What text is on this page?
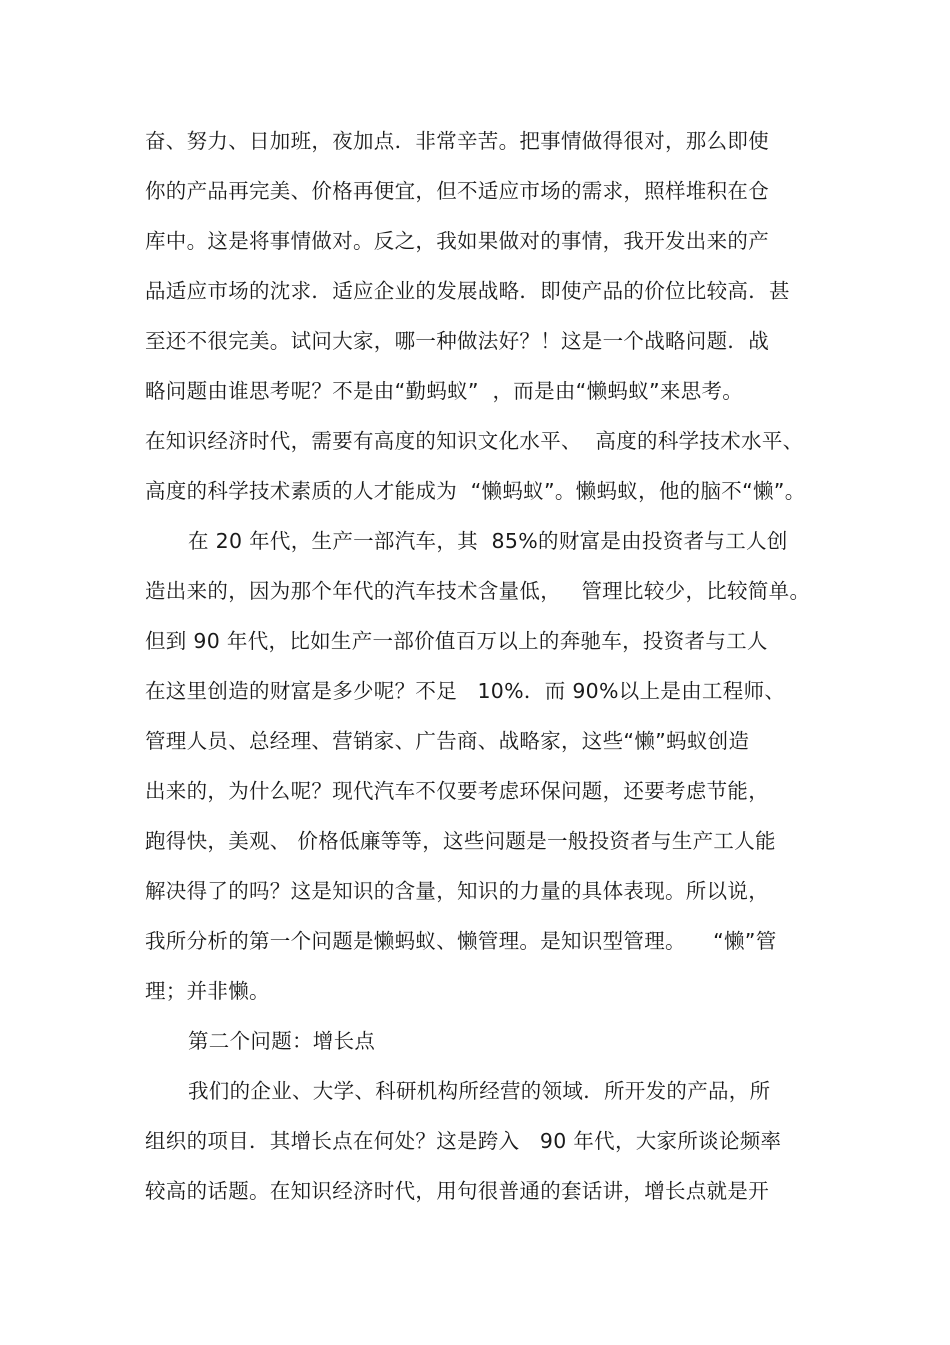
奋、努力、日加班，夜加点．非常辛苦。把事情做得很对，那么即使
你的产品再完美、价格再便宜，但不适应市场的需求，照样堆积在仓
库中。这是将事情做对。反之，我如果做对的事情，我开发出来的产
品适应市场的沈求．适应企业的发展战略．即使产品的价位比较高．甚
至还不很完美。试问大家，哪一种做法好？！这是一个战略问题．战
略问题由谁思考呢？不是由“勤蚂蚁”  ，而是由“懒蚂蚁”来思考。
在知识经济时代，需要有高度的知识文化水平、  高度的科学技术水平、
高度的科学技术素质的人才能成为  “懒蚂蚁”。懒蚂蚁，他的脑不“懒”。
在 20 年代，生产一部汽车，其  85%的财富是由投资者与工人创
造出来的，因为那个年代的汽车技术含量低，   管理比较少，比较简单。
但到 90 年代，比如生产一部价值百万以上的奔驰车，投资者与工人
在这里创造的财富是多少呢？不足   10%．而 90%以上是由工程师、
管理人员、总经理、营销家、广告商、战略家，这些“懒”蚂蚁创造
出来的，为什么呢？现代汽车不仅要考虑环保问题，还要考虑节能，
跑得快，美观、 价格低廉等等，这些问题是一般投资者与生产工人能
解决得了的吗？这是知识的含量，知识的力量的具体表现。所以说，
我所分析的第一个问题是懒蚂蚁、懒管理。是知识型管理。    “懒”管
理；并非懒。
第二个问题：增长点
我们的企业、大学、科研机构所经营的领域．所开发的产品，所
组织的项目．其增长点在何处？这是跨入   90 年代，大家所谈论频率
较高的话题。在知识经济时代，用句很普通的套话讲，增长点就是开
